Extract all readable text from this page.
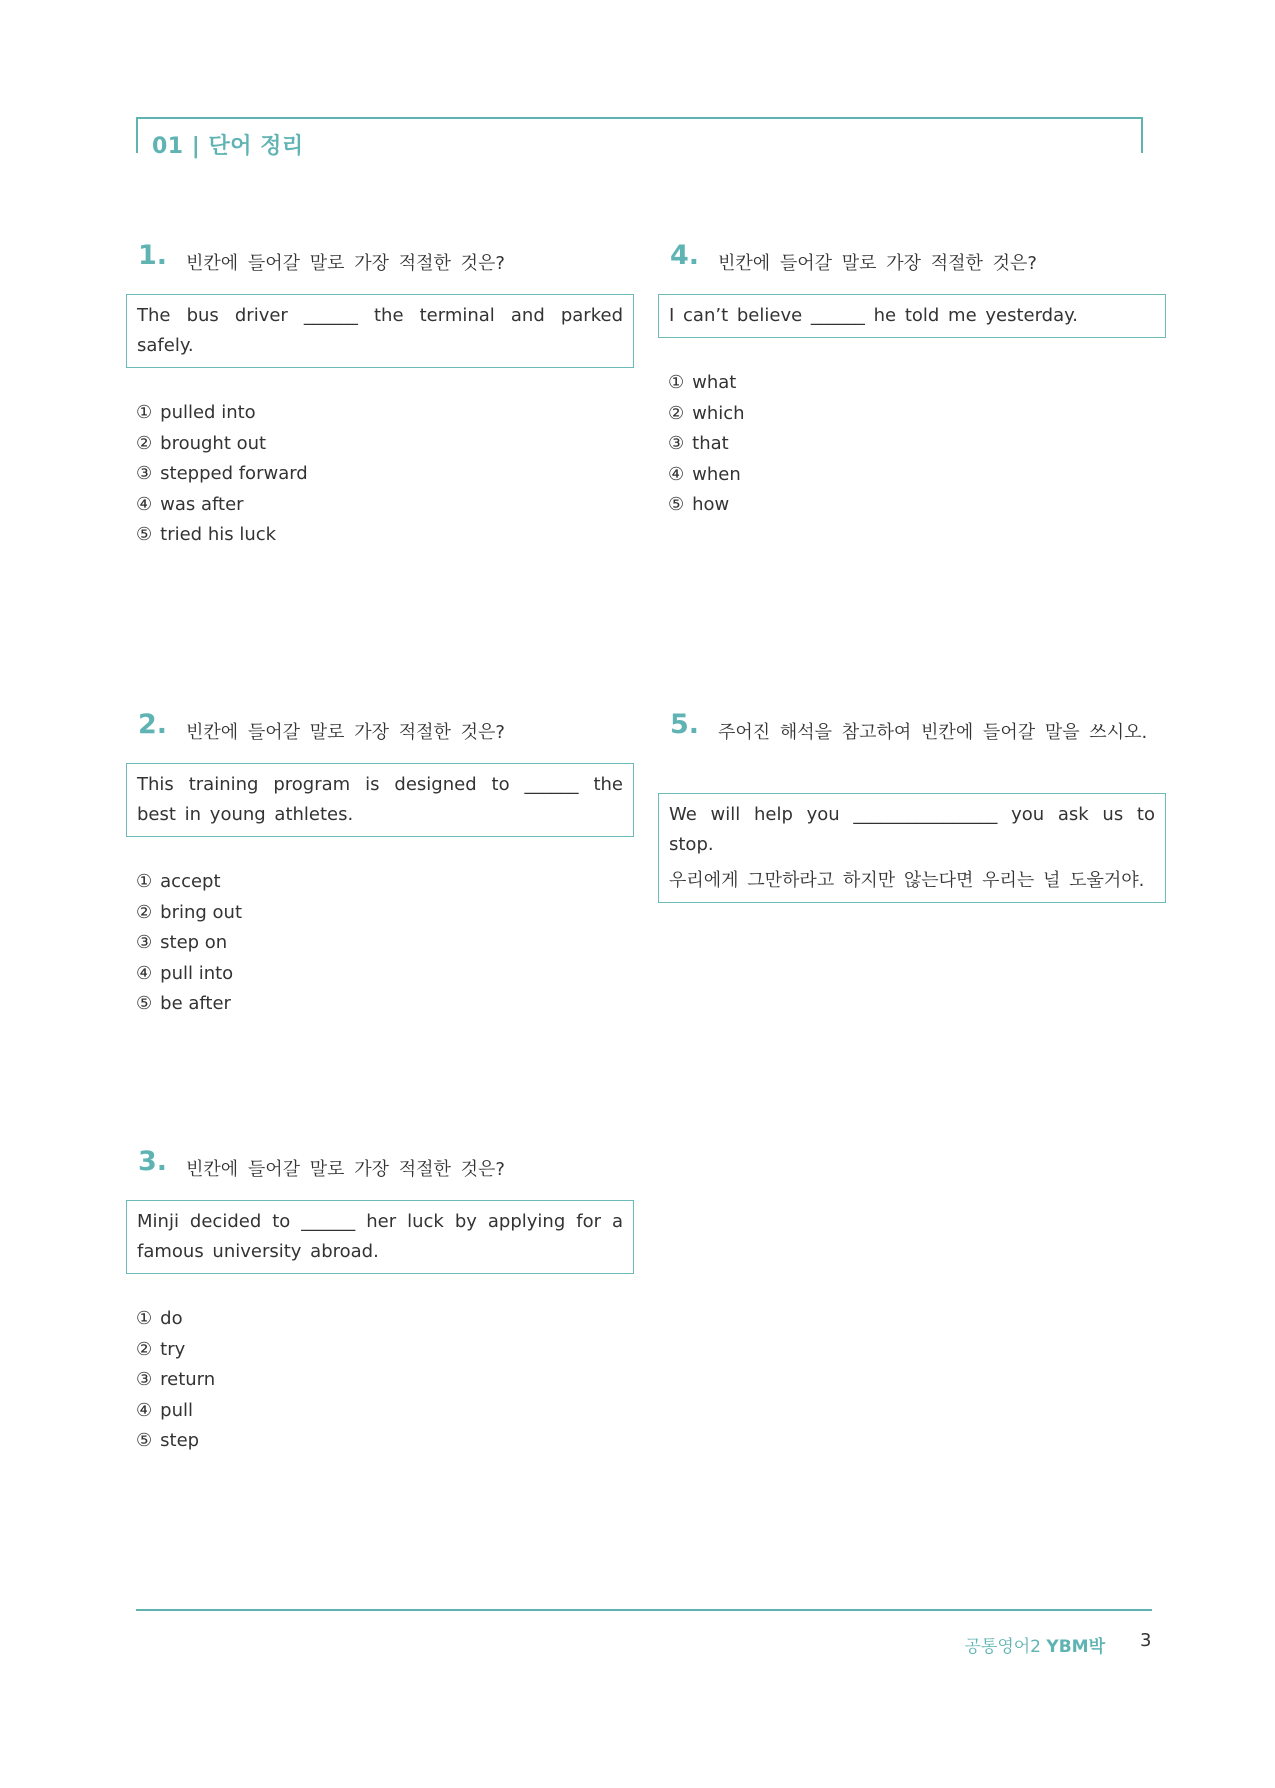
01 | 단어 정리
1. 빈칸에 들어갈 말로 가장 적절한 것은?
The bus driver ______ the terminal and parked safely.
① pulled into
② brought out
③ stepped forward
④ was after
⑤ tried his luck
2. 빈칸에 들어갈 말로 가장 적절한 것은?
This training program is designed to ______ the best in young athletes.
① accept
② bring out
③ step on
④ pull into
⑤ be after
3. 빈칸에 들어갈 말로 가장 적절한 것은?
Minji decided to ______ her luck by applying for a famous university abroad.
① do
② try
③ return
④ pull
⑤ step
4. 빈칸에 들어갈 말로 가장 적절한 것은?
I can’t believe ______ he told me yesterday.
① what
② which
③ that
④ when
⑤ how
5. 주어진 해석을 참고하여 빈칸에 들어갈 말을 쓰시오.
We will help you ________________ you ask us to stop.
우리에게 그만하라고 하지만 않는다면 우리는 널 도울거야.
공통영어2 YBM박 3
